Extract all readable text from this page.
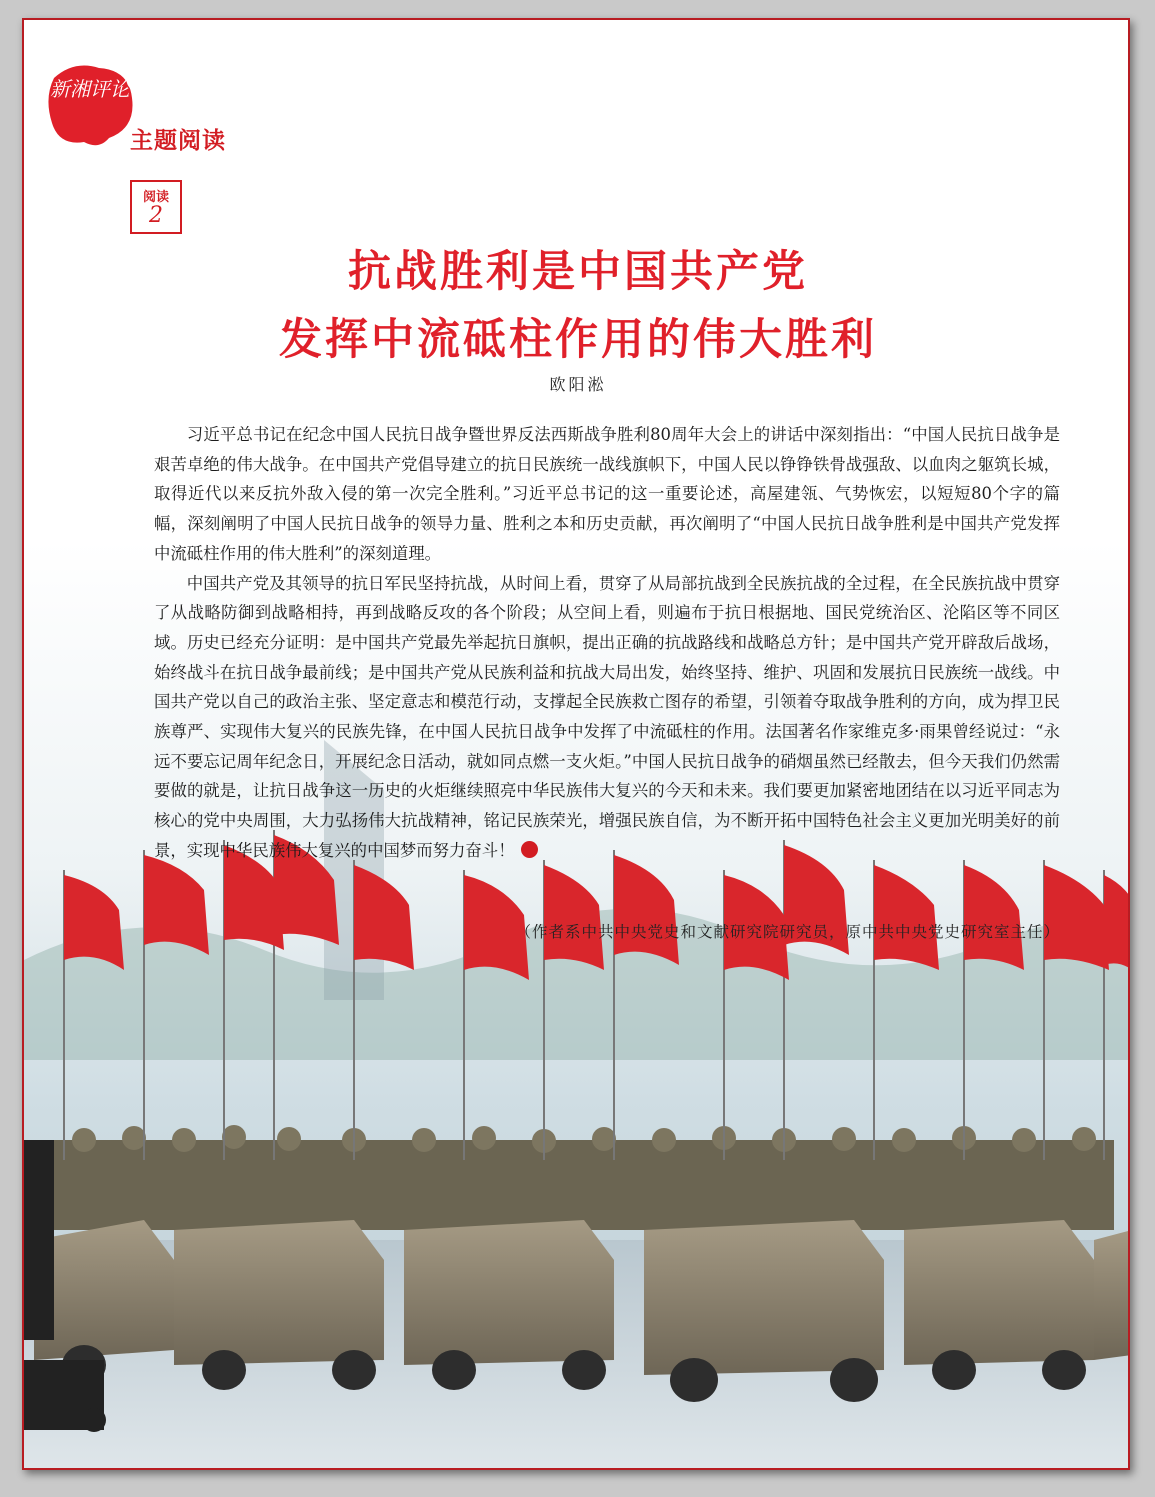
新湘评论
主题阅读
阅读
2
抗战胜利是中国共产党
发挥中流砥柱作用的伟大胜利
欧阳淞

习近平总书记在纪念中国人民抗日战争暨世界反法西斯战争胜利80周年大会上的讲话中深刻指出：“中国人民抗日战争是艰苦卓绝的伟大战争。在中国共产党倡导建立的抗日民族统一战线旗帜下，中国人民以铮铮铁骨战强敌、以血肉之躯筑长城，取得近代以来反抗外敌入侵的第一次完全胜利。”习近平总书记的这一重要论述，高屋建瓴、气势恢宏，以短短80个字的篇幅，深刻阐明了中国人民抗日战争的领导力量、胜利之本和历史贡献，再次阐明了“中国人民抗日战争胜利是中国共产党发挥中流砥柱作用的伟大胜利”的深刻道理。

中国共产党及其领导的抗日军民坚持抗战，从时间上看，贯穿了从局部抗战到全民族抗战的全过程，在全民族抗战中贯穿了从战略防御到战略相持，再到战略反攻的各个阶段；从空间上看，则遍布于抗日根据地、国民党统治区、沦陷区等不同区域。历史已经充分证明：是中国共产党最先举起抗日旗帜，提出正确的抗战路线和战略总方针；是中国共产党开辟敌后战场，始终战斗在抗日战争最前线；是中国共产党从民族利益和抗战大局出发，始终坚持、维护、巩固和发展抗日民族统一战线。中国共产党以自己的政治主张、坚定意志和模范行动，支撑起全民族救亡图存的希望，引领着夺取战争胜利的方向，成为捍卫民族尊严、实现伟大复兴的民族先锋，在中国人民抗日战争中发挥了中流砥柱的作用。法国著名作家维克多·雨果曾经说过：“永远不要忘记周年纪念日，开展纪念日活动，就如同点燃一支火炬。”中国人民抗日战争的硝烟虽然已经散去，但今天我们仍然需要做的就是，让抗日战争这一历史的火炬继续照亮中华民族伟大复兴的今天和未来。我们要更加紧密地团结在以习近平同志为核心的党中央周围，大力弘扬伟大抗战精神，铭记民族荣光，增强民族自信，为不断开拓中国特色社会主义更加光明美好的前景，实现中华民族伟大复兴的中国梦而努力奋斗！

（作者系中共中央党史和文献研究院研究员，原中共中央党史研究室主任）
